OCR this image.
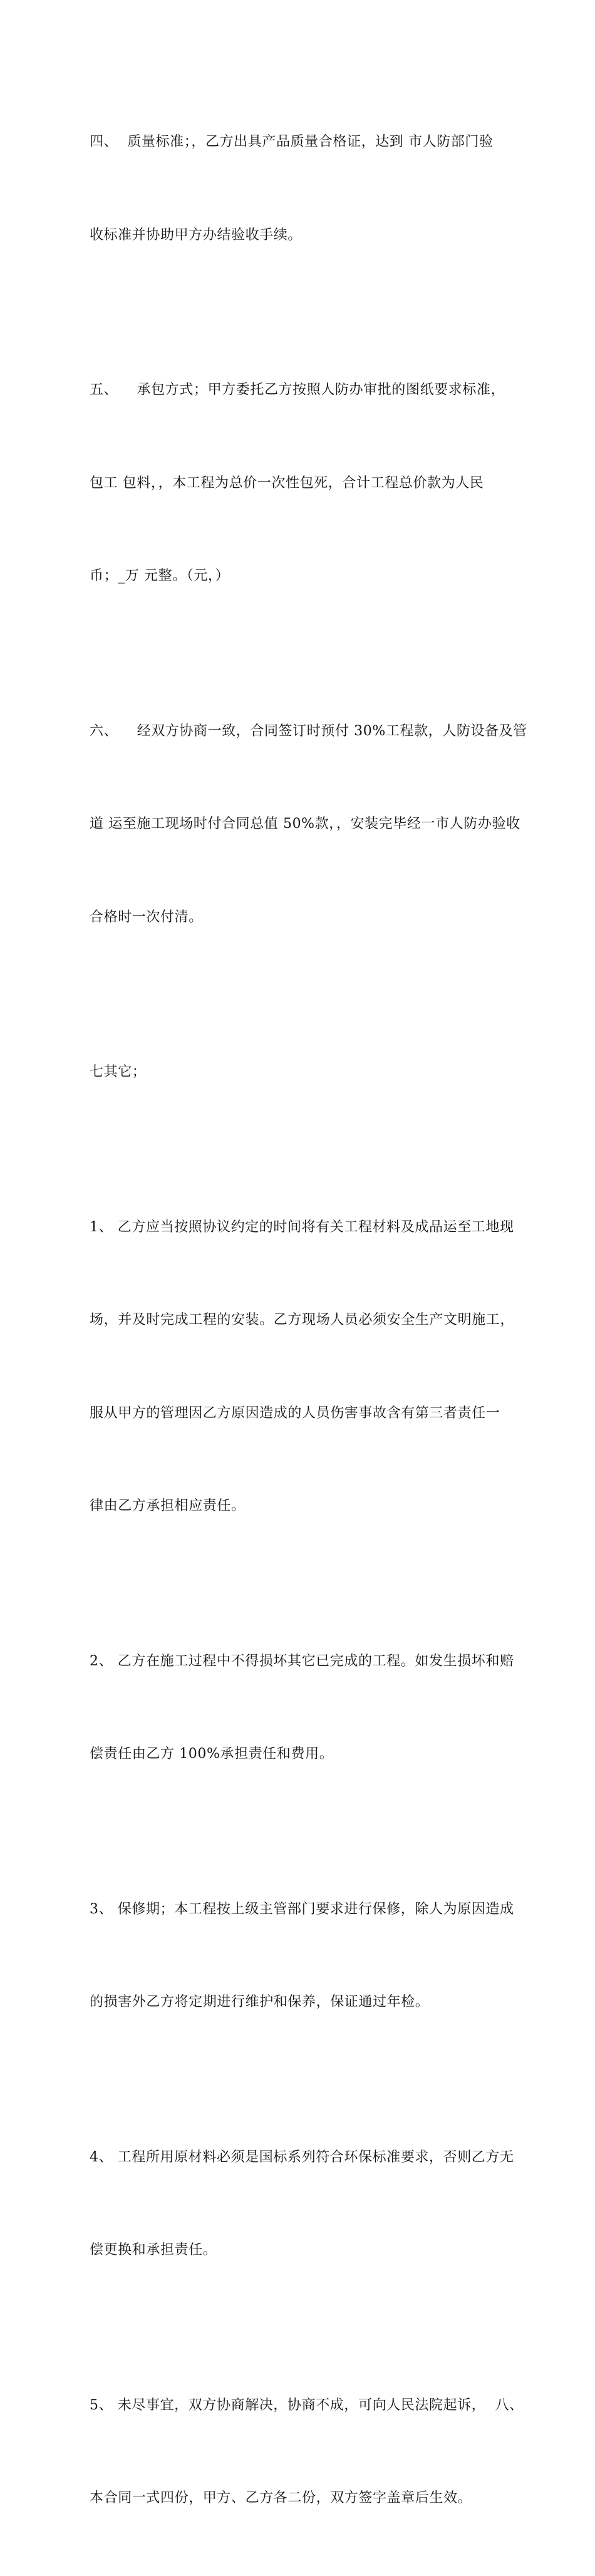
四、  质量标准；，乙方出具产品质量合格证，达到 市人防部门验

收标准并协助甲方办结验收手续。

五、    承包方式；甲方委托乙方按照人防办审批的图纸要求标准，

包工 包料，，本工程为总价一次性包死，合计工程总价款为人民

币；_万 元整。（元，）

六、    经双方协商一致，合同签订时预付 30%工程款，人防设备及管

道 运至施工现场时付合同总值 50%款，，安装完毕经一市人防办验收

合格时一次付清。

七其它；

1、 乙方应当按照协议约定的时间将有关工程材料及成品运至工地现

场，并及时完成工程的安装。乙方现场人员必须安全生产文明施工，

服从甲方的管理因乙方原因造成的人员伤害事故含有第三者责任一

律由乙方承担相应责任。

2、 乙方在施工过程中不得损坏其它已完成的工程。如发生损坏和赔

偿责任由乙方 100%承担责任和费用。

3、 保修期；本工程按上级主管部门要求进行保修，除人为原因造成

的损害外乙方将定期进行维护和保养，保证通过年检。

4、 工程所用原材料必须是国标系列符合环保标准要求，否则乙方无

偿更换和承担责任。

5、 未尽事宜，双方协商解决，协商不成，可向人民法院起诉，  八、

本合同一式四份，甲方、乙方各二份，双方签字盖章后生效。
